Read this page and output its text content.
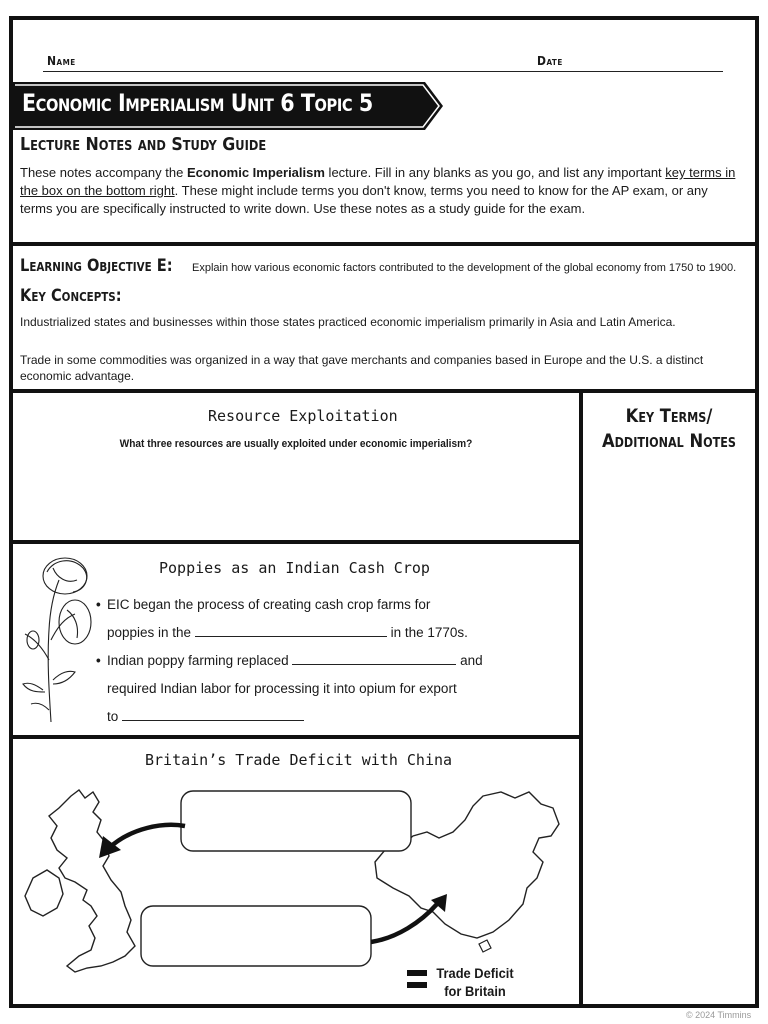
Name	Date
Economic Imperialism Unit 6 Topic 5
Lecture Notes and Study Guide
These notes accompany the Economic Imperialism lecture. Fill in any blanks as you go, and list any important key terms in the box on the bottom right. These might include terms you don't know, terms you need to know for the AP exam, or any terms you are specifically instructed to write down. Use these notes as a study guide for the exam.
Learning Objective E: Explain how various economic factors contributed to the development of the global economy from 1750 to 1900.
Key Concepts:
Industrialized states and businesses within those states practiced economic imperialism primarily in Asia and Latin America.
Trade in some commodities was organized in a way that gave merchants and companies based in Europe and the U.S. a distinct economic advantage.
Key Terms/
Additional Notes
Resource Exploitation
What three resources are usually exploited under economic imperialism?
Poppies as an Indian Cash Crop
• EIC began the process of creating cash crop farms for
poppies in the	in the 1770s.
• Indian poppy farming replaced	and
required Indian labor for processing it into opium for export
to
Britain’s Trade Deficit with China
Trade Deficit
for Britain
© 2024 Timmins
